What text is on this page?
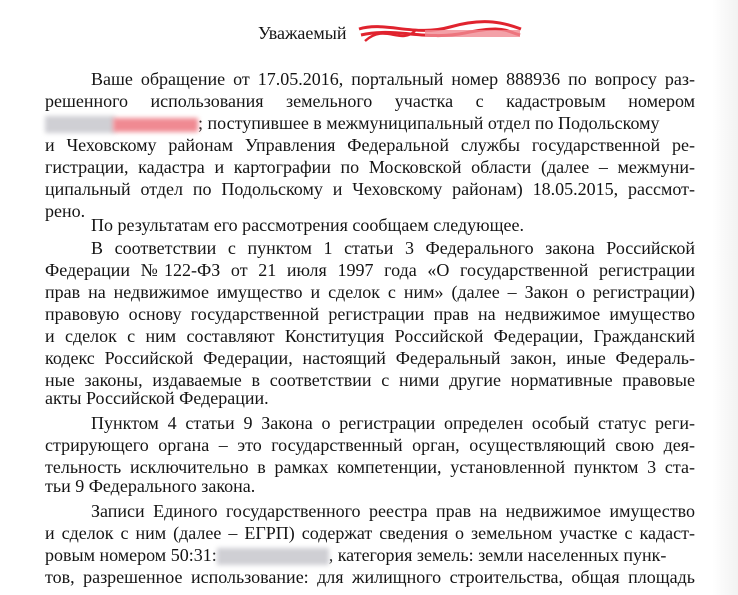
Уважаемый
Ваше обращение от 17.05.2016, портальный номер 888936 по вопросу раз-
решенного использования земельного участка с кадастровым номером
; поступившее в межмуниципальный отдел по Подольскому
и Чеховскому районам Управления Федеральной службы государственной ре-
гистрации, кадастра и картографии по Московской области (далее – межмуни-
ципальный отдел по Подольскому и Чеховскому районам) 18.05.2015, рассмот-
рено.
По результатам его рассмотрения сообщаем следующее.
В соответствии с пунктом 1 статьи 3 Федерального закона Российской
Федерации №122-ФЗ от 21 июля 1997 года «О государственной регистрации
прав на недвижимое имущество и сделок с ним» (далее – Закон о регистрации)
правовую основу государственной регистрации прав на недвижимое имущество
и сделок с ним составляют Конституция Российской Федерации, Гражданский
кодекс Российской Федерации, настоящий Федеральный закон, иные Федераль-
ные законы, издаваемые в соответствии с ними другие нормативные правовые
акты Российской Федерации.
Пунктом 4 статьи 9 Закона о регистрации определен особый статус реги-
стрирующего органа – это государственный орган, осуществляющий свою дея-
тельность исключительно в рамках компетенции, установленной пунктом 3 ста-
тьи 9 Федерального закона.
Записи Единого государственного реестра прав на недвижимое имущество
и сделок с ним (далее – ЕГРП) содержат сведения о земельном участке с кадаст-
ровым номером 50:31:	, категория земель: земли населенных пунк-
тов, разрешенное использование: для жилищного строительства, общая площадь
